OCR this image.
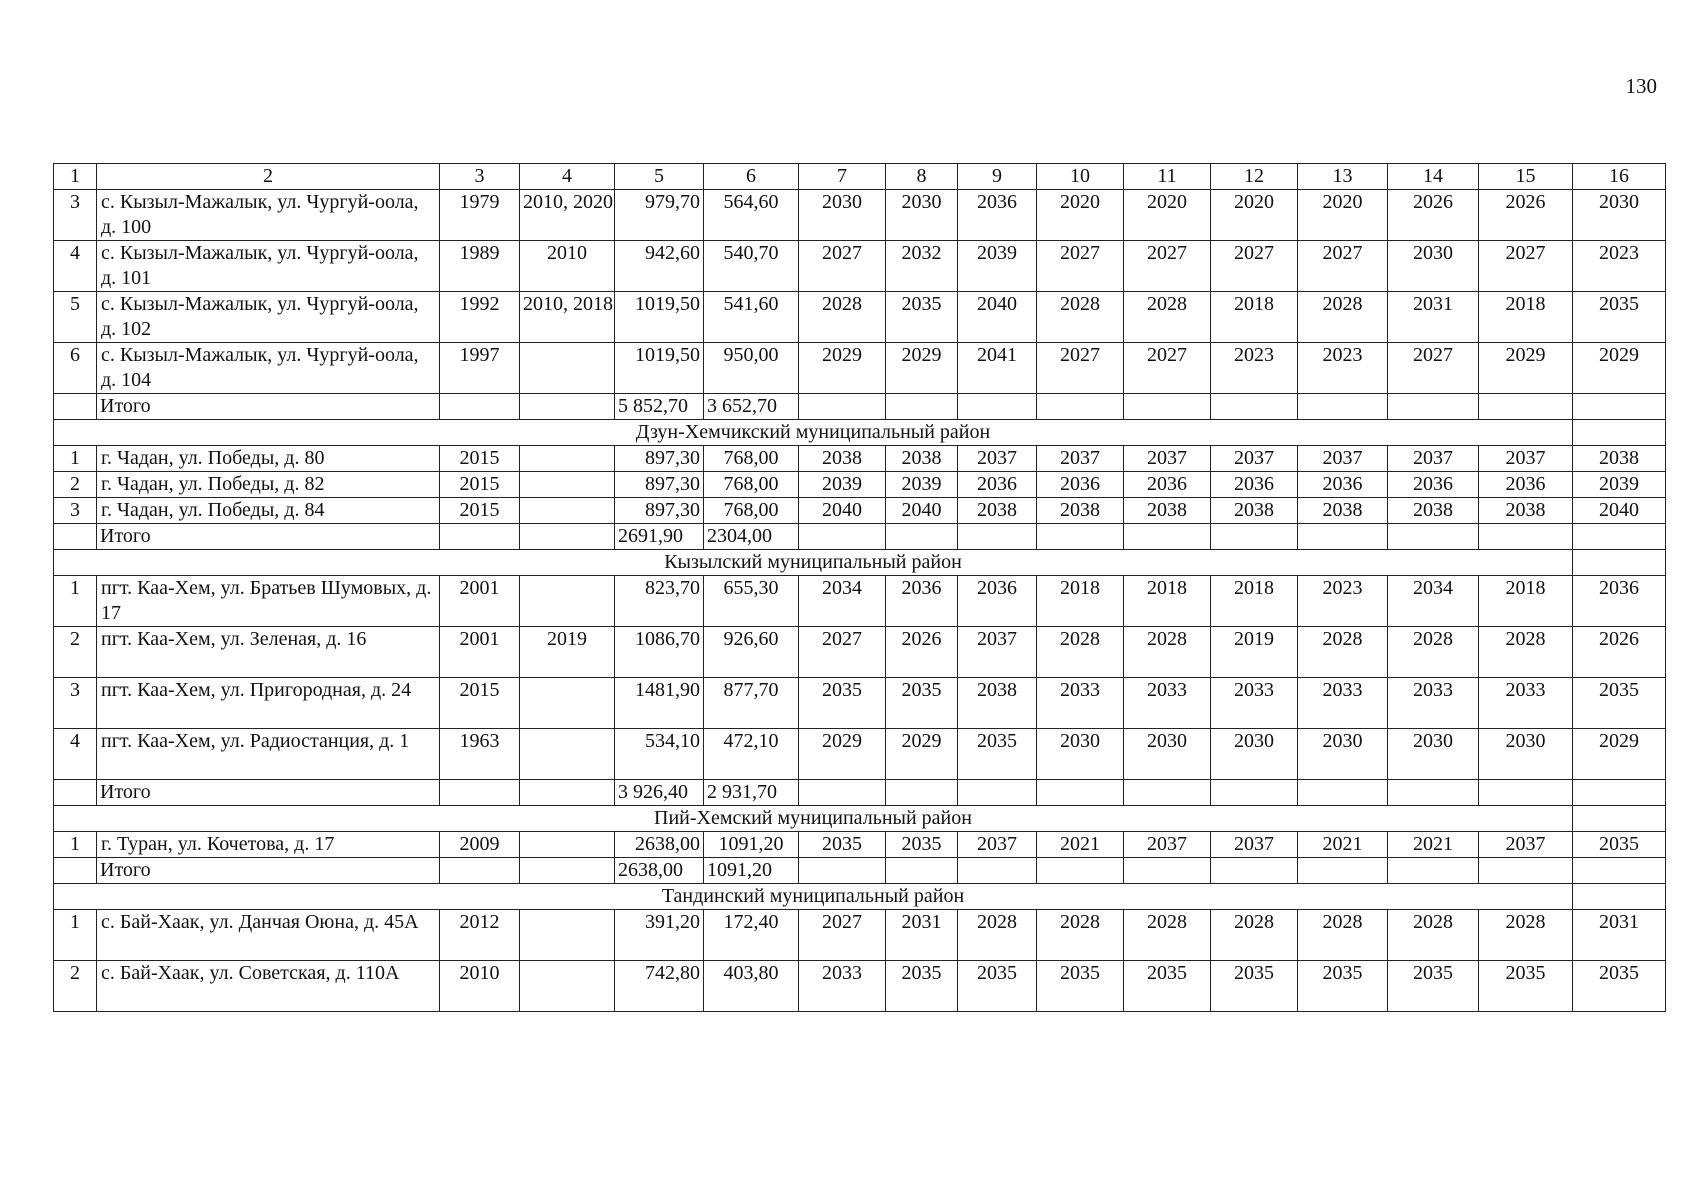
130
1	2	3	4	5	6	7	8	9	10	11	12	13	14	15	16
3	с. Кызыл-Мажалык, ул. Чургуй-оола, д. 100	1979	2010, 2020	979,70	564,60	2030	2030	2036	2020	2020	2020	2020	2026	2026	2030
4	с. Кызыл-Мажалык, ул. Чургуй-оола, д. 101	1989	2010	942,60	540,70	2027	2032	2039	2027	2027	2027	2027	2030	2027	2023
5	с. Кызыл-Мажалык, ул. Чургуй-оола, д. 102	1992	2010, 2018	1019,50	541,60	2028	2035	2040	2028	2028	2018	2028	2031	2018	2035
6	с. Кызыл-Мажалык, ул. Чургуй-оола, д. 104	1997		1019,50	950,00	2029	2029	2041	2027	2027	2023	2023	2027	2029	2029
	Итого			5 852,70	3 652,70										
Дзун-Хемчикский муниципальный район															
1	г. Чадан, ул. Победы, д. 80	2015		897,30	768,00	2038	2038	2037	2037	2037	2037	2037	2037	2037	2038
2	г. Чадан, ул. Победы, д. 82	2015		897,30	768,00	2039	2039	2036	2036	2036	2036	2036	2036	2036	2039
3	г. Чадан, ул. Победы, д. 84	2015		897,30	768,00	2040	2040	2038	2038	2038	2038	2038	2038	2038	2040
	Итого			2691,90	2304,00										
Кызылский муниципальный район															
1	пгт. Каа-Хем, ул. Братьев Шумовых, д. 17	2001		823,70	655,30	2034	2036	2036	2018	2018	2018	2023	2034	2018	2036
2	пгт. Каа-Хем, ул. Зеленая, д. 16	2001	2019	1086,70	926,60	2027	2026	2037	2028	2028	2019	2028	2028	2028	2026
3	пгт. Каа-Хем, ул. Пригородная, д. 24	2015		1481,90	877,70	2035	2035	2038	2033	2033	2033	2033	2033	2033	2035
4	пгт. Каа-Хем, ул. Радиостанция, д. 1	1963		534,10	472,10	2029	2029	2035	2030	2030	2030	2030	2030	2030	2029
	Итого			3 926,40	2 931,70										
Пий-Хемский муниципальный район															
1	г. Туран, ул. Кочетова, д. 17	2009		2638,00	1091,20	2035	2035	2037	2021	2037	2037	2021	2021	2037	2035
	Итого			2638,00	1091,20										
Тандинский муниципальный район															
1	с. Бай-Хаак, ул. Данчая Оюна, д. 45А	2012		391,20	172,40	2027	2031	2028	2028	2028	2028	2028	2028	2028	2031
2	с. Бай-Хаак, ул. Советская, д. 110А	2010		742,80	403,80	2033	2035	2035	2035	2035	2035	2035	2035	2035	2035
